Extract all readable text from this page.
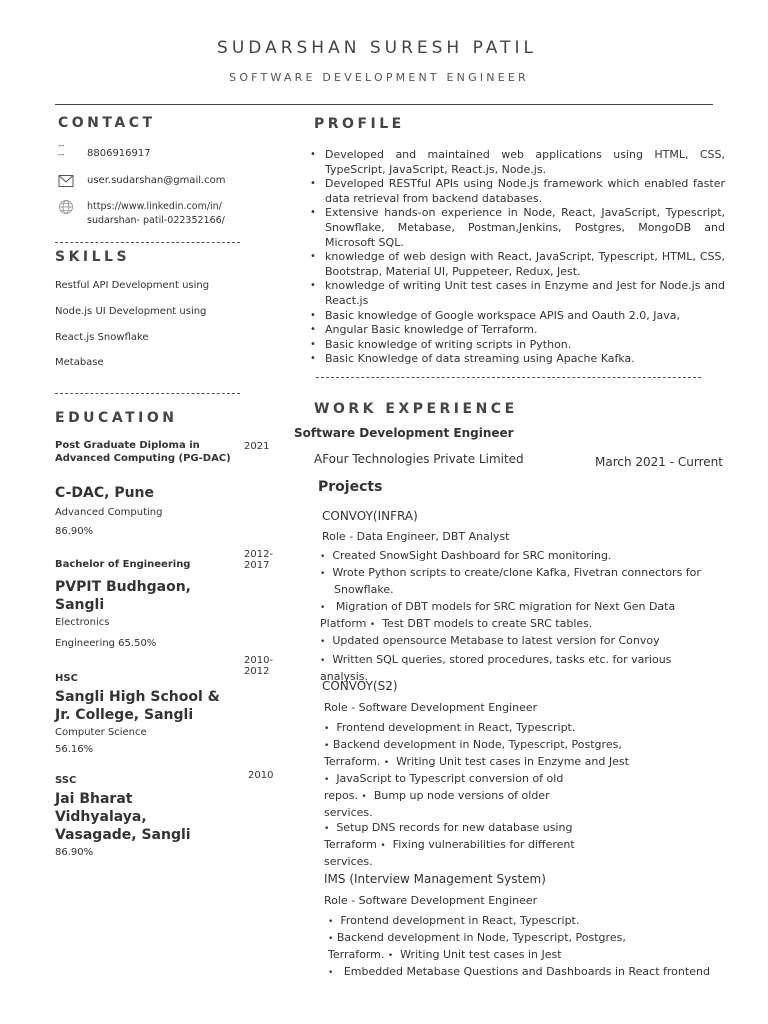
SUDARSHAN SURESH PATIL
SOFTWARE DEVELOPMENT ENGINEER
CONTACT
--
-- 8806916917
user.sudarshan@gmail.com
https://www.linkedin.com/in/
sudarshan- patil-022352166/
SKILLS
Restful API Development using
Node.js UI Development using
React.js Snowflake
Metabase
EDUCATION
Post Graduate Diploma in Advanced Computing (PG-DAC)
2021
C-DAC, Pune
Advanced Computing
86.90%
Bachelor of Engineering
2012-
2017
PVPIT Budhgaon, Sangli
Electronics
Engineering 65.50%
2010-
2012
HSC
Sangli High School & Jr. College, Sangli
Computer Science
56.16%
SSC	2010
Jai Bharat Vidhyalaya, Vasagade, Sangli
86.90%
PROFILE
• Developed and maintained web applications using HTML, CSS, TypeScript, JavaScript, React.js, Node.js.
• Developed RESTful APIs using Node.js framework which enabled faster data retrieval from backend databases.
• Extensive hands-on experience in Node, React, JavaScript, Typescript, Snowflake, Metabase, Postman,Jenkins, Postgres, MongoDB and Microsoft SQL.
• knowledge of web design with React, JavaScript, Typescript, HTML, CSS, Bootstrap, Material UI, Puppeteer, Redux, Jest.
• knowledge of writing Unit test cases in Enzyme and Jest for Node.js and React.js
• Basic knowledge of Google workspace APIS and Oauth 2.0, Java,
• Angular Basic knowledge of Terraform.
• Basic knowledge of writing scripts in Python.
• Basic Knowledge of data streaming using Apache Kafka.
WORK EXPERIENCE
Software Development Engineer
AFour Technologies Private Limited	March 2021 - Current
Projects
CONVOY(INFRA)
Role - Data Engineer, DBT Analyst
• Created SnowSight Dashboard for SRC monitoring.
• Wrote Python scripts to create/clone Kafka, Fivetran connectors for
Snowflake.
• Migration of DBT models for SRC migration for Next Gen Data
Platform • Test DBT models to create SRC tables.
• Updated opensource Metabase to latest version for Convoy
• Written SQL queries, stored procedures, tasks etc. for various
analysis.
CONVOY(S2)
Role - Software Development Engineer
• Frontend development in React, Typescript.
• Backend development in Node, Typescript, Postgres,
Terraform. • Writing Unit test cases in Enzyme and Jest
• JavaScript to Typescript conversion of old
repos. • Bump up node versions of older
services.
• Setup DNS records for new database using
Terraform • Fixing vulnerabilities for different
services.
IMS (Interview Management System)
Role - Software Development Engineer
• Frontend development in React, Typescript.
• Backend development in Node, Typescript, Postgres,
Terraform. • Writing Unit test cases in Jest
• Embedded Metabase Questions and Dashboards in React frontend
